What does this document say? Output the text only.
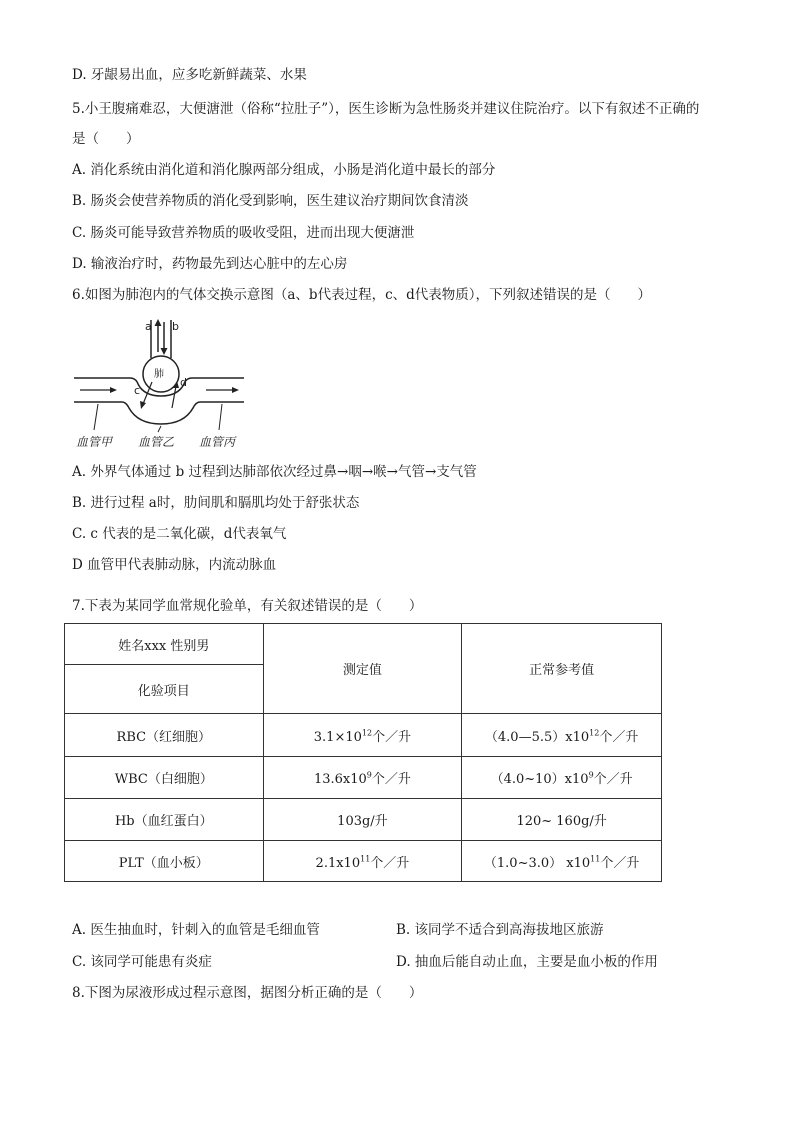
D. 牙龈易出血，应多吃新鲜蔬菜、水果
5.小王腹痛难忍，大便溏泄（俗称“拉肚子”），医生诊断为急性肠炎并建议住院治疗。以下有叙述不正确的
是（　　）
A. 消化系统由消化道和消化腺两部分组成，小肠是消化道中最长的部分
B. 肠炎会使营养物质的消化受到影响，医生建议治疗期间饮食清淡
C. 肠炎可能导致营养物质的吸收受阻，进而出现大便溏泄
D. 输液治疗时，药物最先到达心脏中的左心房
6.如图为肺泡内的气体交换示意图（a、b代表过程，c、d代表物质），下列叙述错误的是（　　）
a b
肺
c
d
血管甲 血管乙 血管丙
A. 外界气体通过 b 过程到达肺部依次经过鼻→咽→喉→气管→支气管
B. 进行过程 a时，肋间肌和膈肌均处于舒张状态
C. c 代表的是二氧化碳，d代表氧气
D 血管甲代表肺动脉，内流动脉血
7.下表为某同学血常规化验单，有关叙述错误的是（　　）
姓名xxx 性别男	测定值	正常参考值
化验项目		
RBC（红细胞）	$3.1\times 10^{12}$个／升	$(4.0—5.5)x10^{12}$个／升
WBC（白细胞）	$13.6x10^9$个／升	$(4.0\sim 10)x10^9$个／升
Hb（血红蛋白）	103g/升	120~ 160g/升
PLT（血小板）	$2.1x10^{11}$个／升	（1.0~3.0） $x10^{11}$个／升
A. 医生抽血时，针刺入的血管是毛细血管	B. 该同学不适合到高海拔地区旅游
C. 该同学可能患有炎症	D. 抽血后能自动止血，主要是血小板的作用
8.下图为尿液形成过程示意图，据图分析正确的是（　　）
